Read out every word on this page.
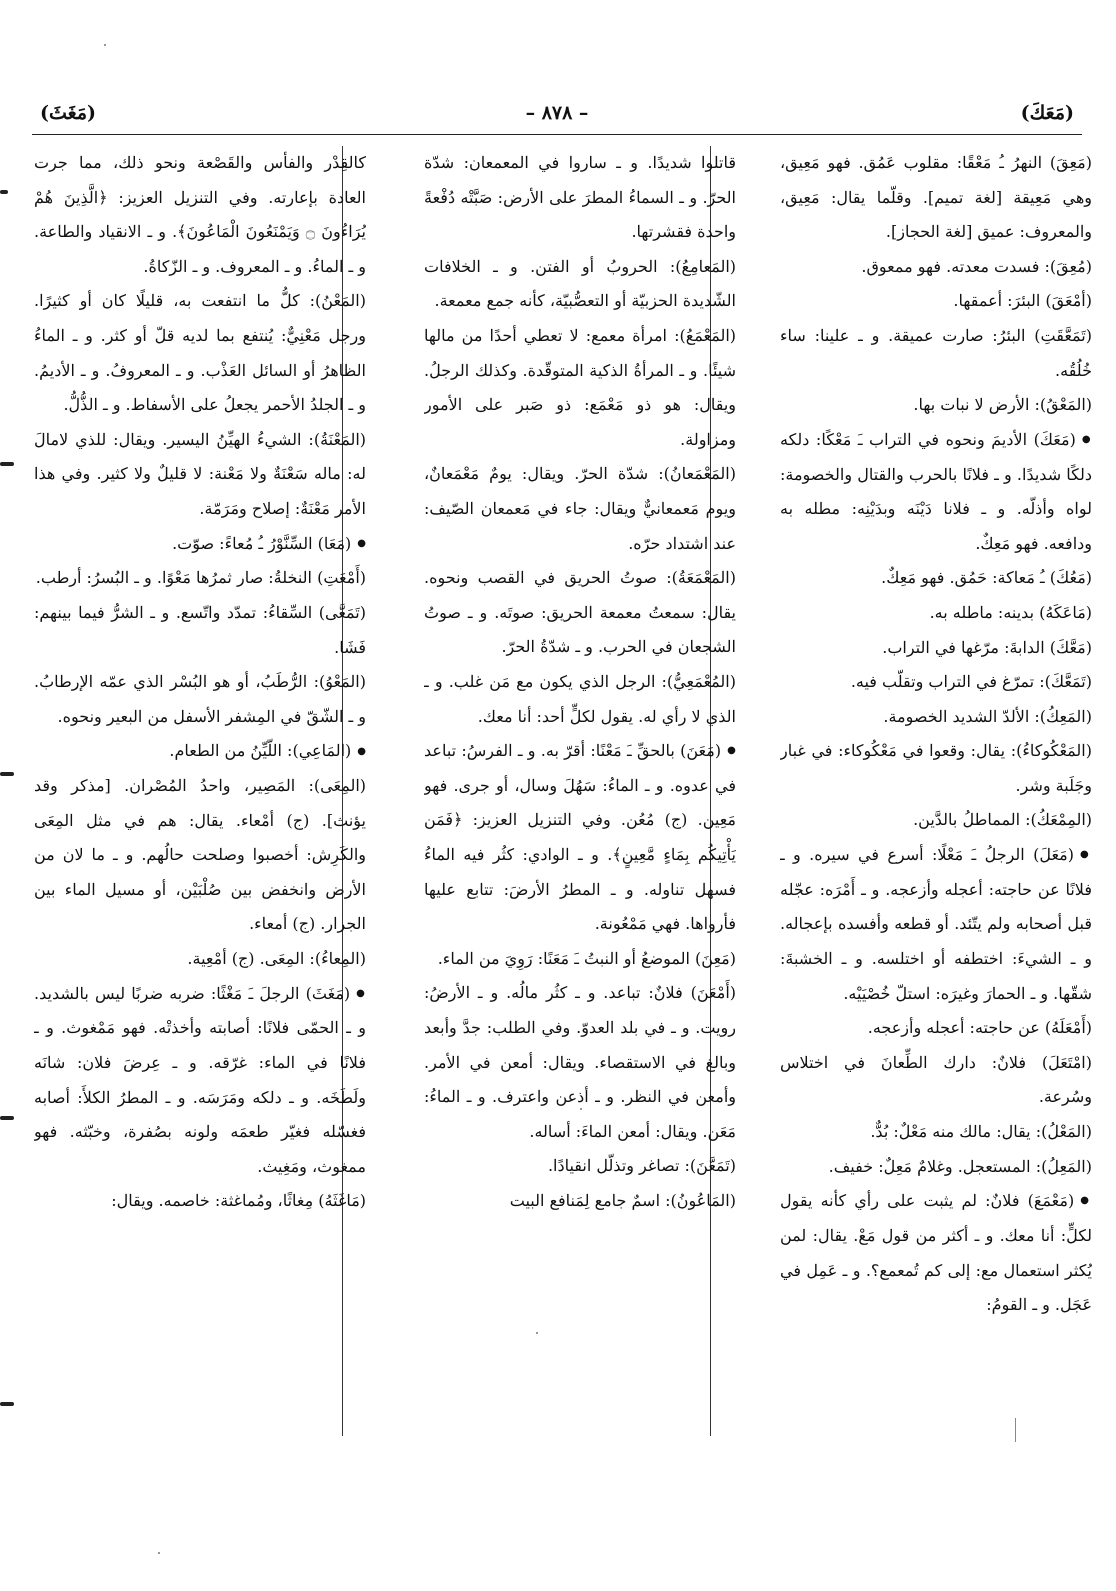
(مَعَكَ)
– ٨٧٨ –
(مَغَثَ)

(مَعِقَ) النهرُ ـُ مَعْقًا: مقلوب عَمُق. فهو مَعِيق، وهي مَعِيقة [لغة تميم]. وقلّما يقال: مَعِيق، والمعروف: عميق [لغة الحجاز].

(مُعِقَ): فسدت معدته. فهو ممعوق.

(أمْعَقَ) البئرَ: أعمقها.

(تَمَعَّقَتِ) البئرُ: صارت عميقة. و ـ علينا: ساء خُلُقُه.

(المَعْقُ): الأرض لا نبات بها.

● (مَعَكَ) الأديمَ ونحوه في التراب ـَ مَعْكًا: دلكه دلكًا شديدًا. و ـ فلانًا بالحرب والقتال والخصومة: لواه وأذلّه. و ـ فلانا دَيْنَه وبدَيْنِه: مطله به ودافعه. فهو مَعِكٌ.

(مَعُكَ) ـُ مَعاكة: حَمُق. فهو مَعِكٌ.

(مَاعَكَهُ) بدينه: ماطله به.

(مَعَّكَ) الدابةَ: مرّغها في التراب.

(تَمَعَّكَ): تمرّغ في التراب وتقلّب فيه.

(المَعِكُ): الألدّ الشديد الخصومة.

(المَعْكُوكاءُ): يقال: وقعوا في مَعْكُوكاء: في غبار وجَلَبة وشر.

(المِمْعَكُ): المماطلُ بالدَّين.

● (مَعَلَ) الرجلُ ـَ مَعْلًا: أسرع في سيره. و ـ فلانًا عن حاجته: أعجله وأزعجه. و ـ أَمْرَه: عجّله قبل أصحابه ولم يتّئد. أو قطعه وأفسده بإعجاله. و ـ الشيءَ: اختطفه أو اختلسه. و ـ الخشبةَ: شقّها. و ـ الحمارَ وغيرَه: استلّ خُصْيَيْه.

(أَمْعَلَهُ) عن حاجته: أعجله وأزعجه.

(امْتَعَلَ) فلانٌ: دارك الطِّعانَ في اختلاس وسُرعة.

(المَعْلُ): يقال: مالك منه مَعْلٌ: بُدٌّ.

(المَعِلُ): المستعجل. وغلامٌ مَعِلٌ: خفيف.

● (مَعْمَعَ) فلانٌ: لم يثبت على رأي كأنه يقول لكلٍّ: أنا معك. و ـ أكثر من قول مَعْ. يقال: لمن يُكثر استعمال مع: إلى كم تُمعمع؟. و ـ عَمِل في عَجَل. و ـ القومُ:

قاتلوا شديدًا. و ـ ساروا في المعمعان: شدّة الحرّ. و ـ السماءُ المطرَ على الأرض: صَبَّتْه دُفْعةً واحدة فقشرتها.

(المَعامِعُ): الحروبُ أو الفتن. و ـ الخلافات الشّديدة الحزبيّة أو التعصُّبيّة، كأنه جمع معمعة.

(المَعْمَعُ): امرأة معمع: لا تعطي أحدًا من مالها شيئًا. و ـ المرأةُ الذكية المتوقّدة. وكذلك الرجلُ. ويقال: هو ذو مَعْمَع: ذو صَبر على الأمور ومزاولة.

(المَعْمَعانُ): شدّة الحرّ. ويقال: يومٌ مَعْمَعانٌ، ويوم مَعمعانيٌّ ويقال: جاء في مَعمعان الصّيف: عند اشتداد حرّه.

(المَعْمَعَةُ): صوتُ الحريق في القصب ونحوه. يقال: سمعتُ معمعة الحريق: صوتَه. و ـ صوتُ الشجعان في الحرب. و ـ شدّةُ الحرّ.

(المُعْمَعِيُّ): الرجل الذي يكون مع مَن غلب. و ـ الذي لا رأي له. يقول لكلٍّ أحد: أنا معك.

● (مَعَنَ) بالحقِّ ـَ مَعْنًا: أقرّ به. و ـ الفرسُ: تباعد في عدوه. و ـ الماءُ: سَهُلَ وسال، أو جرى. فهو مَعِين. (ج) مُعُن. وفي التنزيل العزيز: ﴿فَمَن يَأْتِيكُم بِمَاءٍ مَّعِينٍ﴾. و ـ الوادي: كثُر فيه الماءُ فسهل تناوله. و ـ المطرُ الأرضَ: تتابع عليها فأرواها. فهي مَمْعُونة.

(مَعِنَ) الموضعُ أو النبتُ ـَ مَعَنًا: رَوِيَ من الماء.

(أَمْعَنَ) فلانٌ: تباعد. و ـ كثُر مالُه. و ـ الأرضُ: رويت. و ـ في بلد العدوّ. وفي الطلب: جدَّ وأبعد وبالغ في الاستقصاء. ويقال: أمعن في الأمر. وأمعن في النظر. و ـ أذعن واعترف. و ـ الماءُ: مَعَن. ويقال: أمعن الماءَ: أساله.

(تَمَعَّنَ): تصاغر وتذلّل انقيادًا.

(المَاعُونُ): اسمٌ جامع لِمَنافع البيت

كالقِدْر والفأس والقَصْعة ونحو ذلك، مما جرت العادة بإعارته. وفي التنزيل العزيز: ﴿الَّذِينَ هُمْ يُرَاءُونَ ۝ وَيَمْنَعُونَ الْمَاعُونَ﴾. و ـ الانقياد والطاعة. و ـ الماءُ. و ـ المعروف. و ـ الزّكاةُ.

(المَعْنُ): كلُّ ما انتفعت به، قليلًا كان أو كثيرًا. ورجل مَعْنِيٌّ: يُنتفع بما لديه قلّ أو كثر. و ـ الماءُ الظاهرُ أو السائل العَذْب. و ـ المعروفُ. و ـ الأديمُ. و ـ الجلدُ الأحمر يجعلُ على الأسفاط. و ـ الذُّلُّ.

(المَعْنَةُ): الشيءُ الهيِّنُ اليسير. ويقال: للذي لامالَ له: ماله سَعْنَةٌ ولا مَعْنة: لا قليلٌ ولا كثير. وفي هذا الأمر مَعْنَةٌ: إصلاح ومَرَمّة.

● (مَعَا) السِّنَّوْرُ ـُ مُعاءً: صوّت.

(أَمْعَتِ) النخلةُ: صار ثمرُها مَعْوًا. و ـ البُسرُ: أرطب.

(تَمَعَّى) السِّقاءُ: تمدّد واتّسع. و ـ الشرُّ فيما بينهم: فَشَا.

(المَعْوُ): الرُّطَبُ، أو هو البُسْر الذي عمّه الإرطابُ. و ـ الشّقّ في المِشفر الأسفل من البعير ونحوه.

● (المَاعِي): اللّيِّنُ من الطعام.

(المِعَى): المَصِير، واحدُ المُصْران. [مذكر وقد يؤنث]. (ج) أمْعاء. يقال: هم في مثل المِعَى والكَرِش: أخصبوا وصلحت حالُهم. و ـ ما لان من الأرض وانخفض بين صُلْبَيْن، أو مسيل الماء بين الجرار. (ج) أمعاء.

(المِعاءُ): المِعَى. (ج) أمْعِية.

● (مَغَثَ) الرجلَ ـَ مَغْثًا: ضربه ضربًا ليس بالشديد. و ـ الحمّى فلانًا: أصابته وأخذتْه. فهو مَمْغوث. و ـ فلانًا في الماء: غرّقه. و ـ عِرضَ فلان: شانَه ولَطَخَه. و ـ دلكه ومَرَسَه. و ـ المطرُ الكلأَ: أصابه فغسّله فغيّر طعمَه ولونه بصُفرة، وخبّثه. فهو ممغوث، ومَغِيث.

(مَاغَثَهُ) مِغاثًا، ومُماغثة: خاصمه. ويقال:
